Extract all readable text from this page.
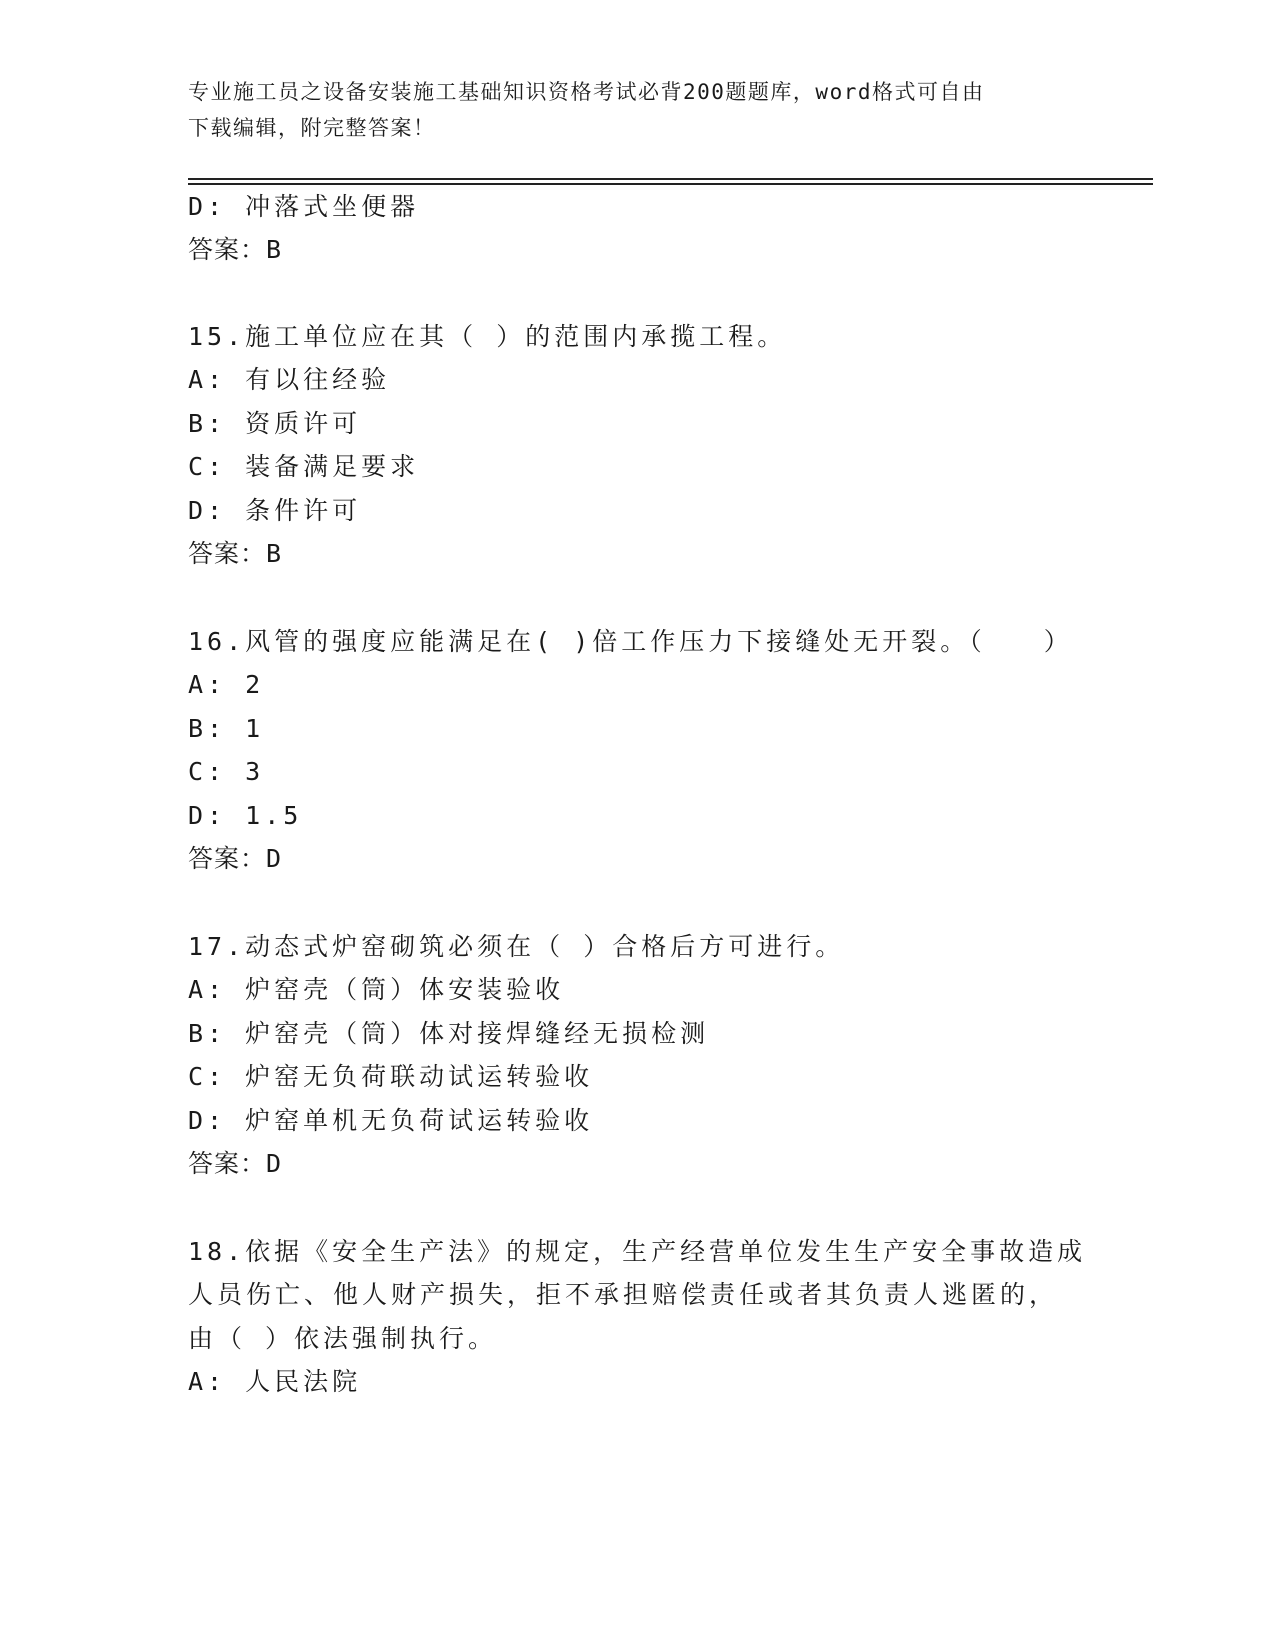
专业施工员之设备安装施工基础知识资格考试必背200题题库，word格式可自由
下载编辑，附完整答案！
D: 冲落式坐便器
答案：B
15.施工单位应在其（ ）的范围内承揽工程。
A: 有以往经验
B: 资质许可
C: 装备满足要求
D: 条件许可
答案：B
16.风管的强度应能满足在( )倍工作压力下接缝处无开裂。（　　）
A: 2
B: 1
C: 3
D: 1.5
答案：D
17.动态式炉窑砌筑必须在（ ）合格后方可进行。
A: 炉窑壳（筒）体安装验收
B: 炉窑壳（筒）体对接焊缝经无损检测
C: 炉窑无负荷联动试运转验收
D: 炉窑单机无负荷试运转验收
答案：D
18.依据《安全生产法》的规定，生产经营单位发生生产安全事故造成
人员伤亡、他人财产损失，拒不承担赔偿责任或者其负责人逃匿的，
由（ ）依法强制执行。
A: 人民法院
